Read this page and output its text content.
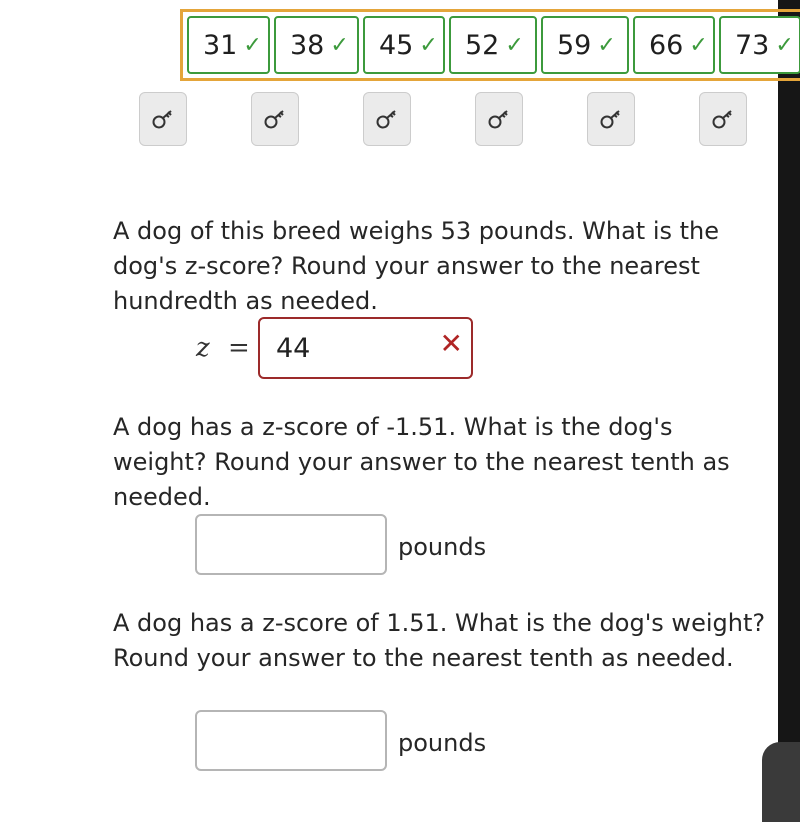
31 ✓ 38 ✓ 45 ✓ 52 ✓ 59 ✓ 66 ✓ 73 ✓
A dog of this breed weighs 53 pounds. What is the dog's z-score? Round your answer to the nearest hundredth as needed.
z = 44	✕
A dog has a z-score of -1.51. What is the dog's weight? Round your answer to the nearest tenth as needed.
pounds
A dog has a z-score of 1.51. What is the dog's weight? Round your answer to the nearest tenth as needed.
pounds
